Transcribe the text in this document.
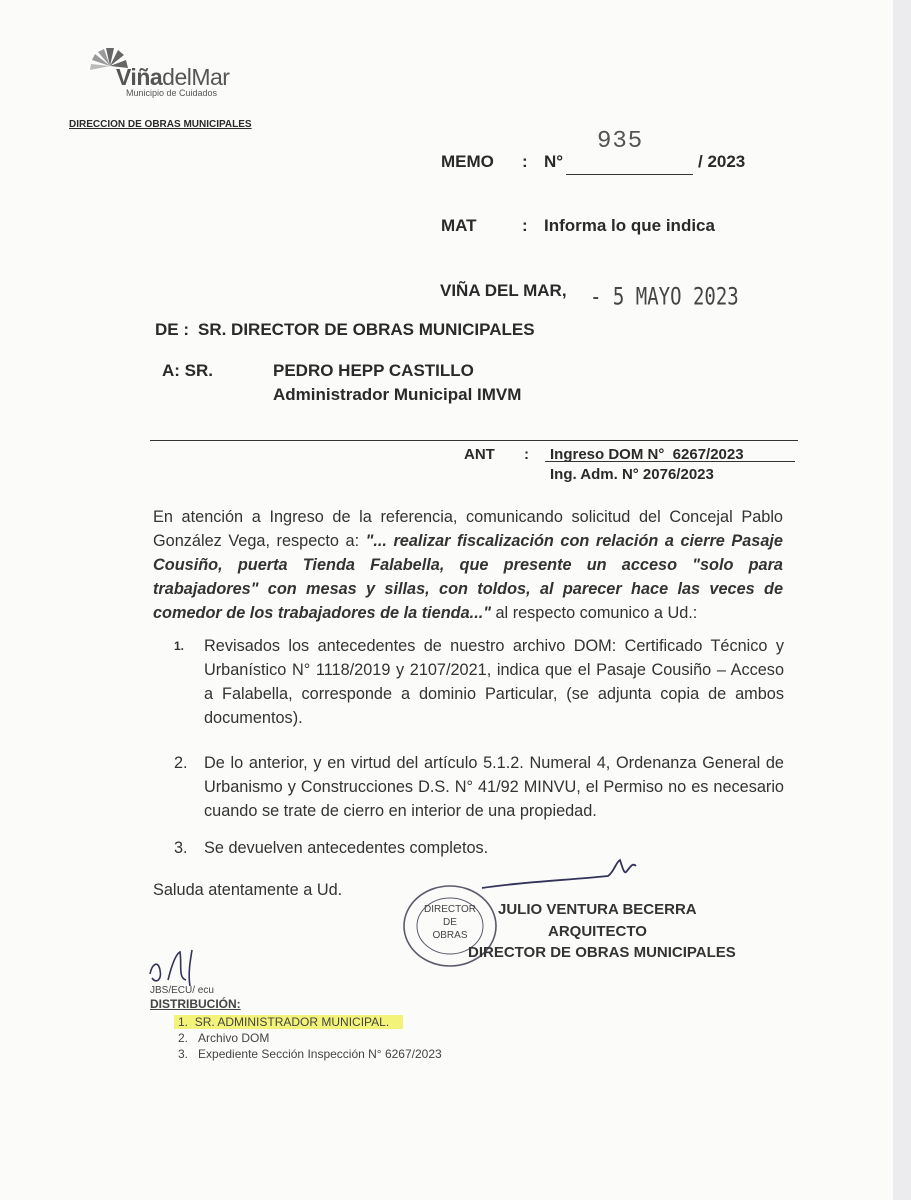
ViñadelMar
Municipio de Cuidados
DIRECCION DE OBRAS MUNICIPALES
MEMO : N°
935
/ 2023
MAT	: Informa lo que indica
VIÑA DEL MAR, - 5 MAYO 2023
DE : SR. DIRECTOR DE OBRAS MUNICIPALES
A: SR.	PEDRO HEPP CASTILLO
Administrador Municipal IMVM
ANT : Ingreso DOM N°  6267/2023
Ing. Adm. N° 2076/2023
En atención a Ingreso de la referencia, comunicando solicitud del Concejal Pablo González Vega, respecto a: "... realizar fiscalización con relación a cierre Pasaje Cousiño, puerta Tienda Falabella, que presente un acceso "solo para trabajadores" con mesas y sillas, con toldos, al parecer hace las veces de comedor de los trabajadores de la tienda..." al respecto comunico a Ud.:
1.	Revisados los antecedentes de nuestro archivo DOM: Certificado Técnico y Urbanístico N° 1118/2019 y 2107/2021, indica que el Pasaje Cousiño – Acceso a Falabella, corresponde a dominio Particular, (se adjunta copia de ambos documentos).
2.	De lo anterior, y en virtud del artículo 5.1.2. Numeral 4, Ordenanza General de Urbanismo y Construcciones D.S. N° 41/92 MINVU, el Permiso no es necesario cuando se trate de cierro en interior de una propiedad.
3.	Se devuelven antecedentes completos.
Saluda atentamente a Ud.
DIRECTOR
DE
OBRAS
JULIO VENTURA BECERRA
ARQUITECTO
DIRECTOR DE OBRAS MUNICIPALES
JBS/ECU/ ecu
DISTRIBUCIÓN:
1. SR. ADMINISTRADOR MUNICIPAL.
2. Archivo DOM
3. Expediente Sección Inspección N° 6267/2023
